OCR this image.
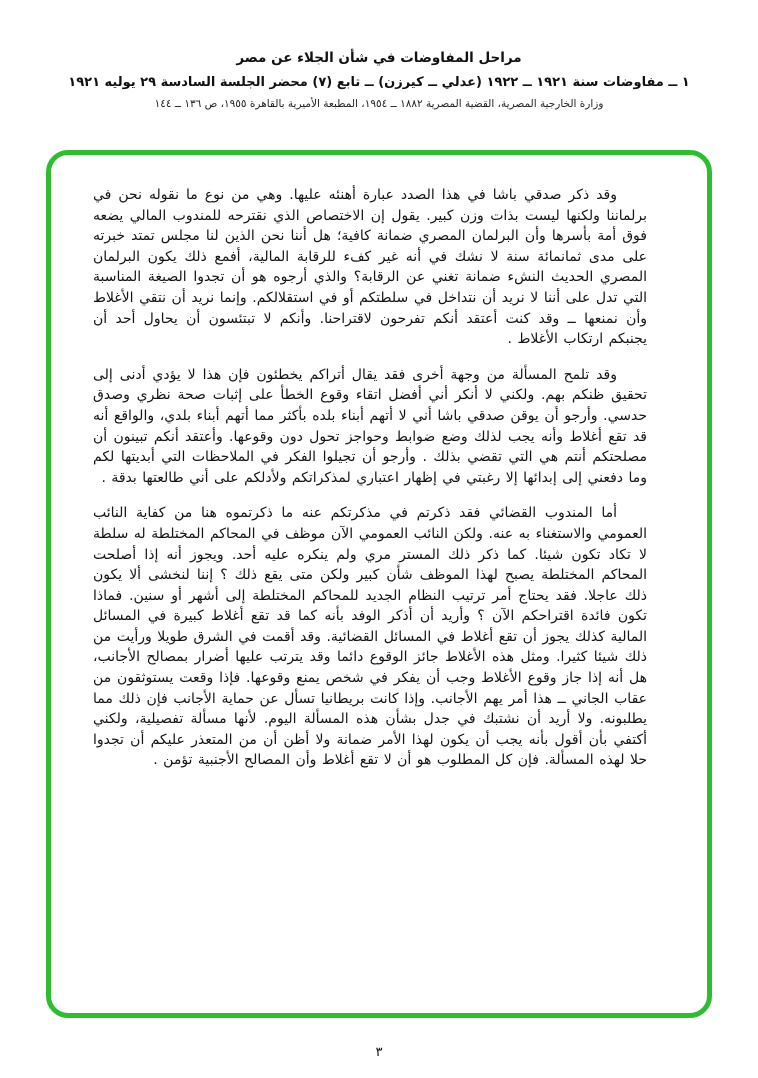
مراحل المفاوضات في شأن الجلاء عن مصر
١ ــ مفاوضات سنة ١٩٢١ ــ ١٩٢٢ (عدلي ــ كيرزن) ــ تابع (٧) محضر الجلسة السادسة ٢٩ يوليه ١٩٢١
وزارة الخارجية المصرية، القضية المصرية ١٨٨٢ ــ ١٩٥٤، المطبعة الأميرية بالقاهرة ١٩٥٥، ص ١٣٦ ــ ١٤٤

وقد ذكر صدقي باشا في هذا الصدد عبارة أهنئه عليها. وهي من نوع ما نقوله نحن في برلماننا ولكنها ليست بذات وزن كبير. يقول إن الاختصاص الذي نقترحه للمندوب المالي يضعه فوق أمة بأسرها وأن البرلمان المصري ضمانة كافية؛ هل أننا نحن الذين لنا مجلس تمتد خبرته على مدى ثمانمائة سنة لا نشك في أنه غير كفء للرقابة المالية، أفمع ذلك يكون البرلمان المصري الحديث النشء ضمانة تغني عن الرقابة؟ والذي أرجوه هو أن تجدوا الصيغة المناسبة التي تدل على أننا لا نريد أن نتداخل في سلطتكم أو في استقلالكم. وإنما نريد أن نتقي الأغلاط وأن نمنعها ــ وقد كنت أعتقد أنكم تفرحون لاقتراحنا. وأنكم لا تبتئسون أن يحاول أحد أن يجنبكم ارتكاب الأغلاط .

وقد تلمح المسألة من وجهة أخرى فقد يقال أتراكم يخطئون فإن هذا لا يؤدي أدنى إلى تحقيق ظنكم بهم. ولكني لا أنكر أني أفضل اتقاء وقوع الخطأ على إثبات صحة نظري وصدق حدسي. وأرجو أن يوقن صدقي باشا أني لا أتهم أبناء بلده بأكثر مما أتهم أبناء بلدي، والواقع أنه قد تقع أغلاط وأنه يجب لذلك وضع ضوابط وحواجز تحول دون وقوعها. وأعتقد أنكم تبينون أن مصلحتكم أنتم هي التي تقضي بذلك . وأرجو أن تجيلوا الفكر في الملاحظات التي أبديتها لكم وما دفعني إلى إبدائها إلا رغبتي في إظهار اعتباري لمذكراتكم ولأدلكم على أني طالعتها بدقة .

أما المندوب القضائي فقد ذكرتم في مذكرتكم عنه ما ذكرتموه هنا من كفاية النائب العمومي والاستغناء به عنه. ولكن النائب العمومي الآن موظف في المحاكم المختلطة له سلطة لا تكاد تكون شيئا. كما ذكر ذلك المستر مري ولم ينكره عليه أحد. ويجوز أنه إذا أصلحت المحاكم المختلطة يصبح لهذا الموظف شأن كبير ولكن متى يقع ذلك ؟ إننا لنخشى ألا يكون ذلك عاجلا. فقد يحتاج أمر ترتيب النظام الجديد للمحاكم المختلطة إلى أشهر أو سنين. فماذا تكون فائدة اقتراحكم الآن ؟ وأريد أن أذكر الوفد بأنه كما قد تقع أغلاط كبيرة في المسائل المالية كذلك يجوز أن تقع أغلاط في المسائل القضائية. وقد أقمت في الشرق طويلا ورأيت من ذلك شيئا كثيرا. ومثل هذه الأغلاط جائز الوقوع دائما وقد يترتب عليها أضرار بمصالح الأجانب، هل أنه إذا جاز وقوع الأغلاط وجب أن يفكر في شخص يمنع وقوعها. فإذا وقعت يستوثقون من عقاب الجاني ــ هذا أمر يهم الأجانب. وإذا كانت بريطانيا تسأل عن حماية الأجانب فإن ذلك مما يطلبونه. ولا أريد أن نشتبك في جدل بشأن هذه المسألة اليوم. لأنها مسألة تفصيلية، ولكني أكتفي بأن أقول بأنه يجب أن يكون لهذا الأمر ضمانة ولا أظن أن من المتعذر عليكم أن تجدوا حلا لهذه المسألة. فإن كل المطلوب هو أن لا تقع أغلاط وأن المصالح الأجنبية تؤمن .

٣
